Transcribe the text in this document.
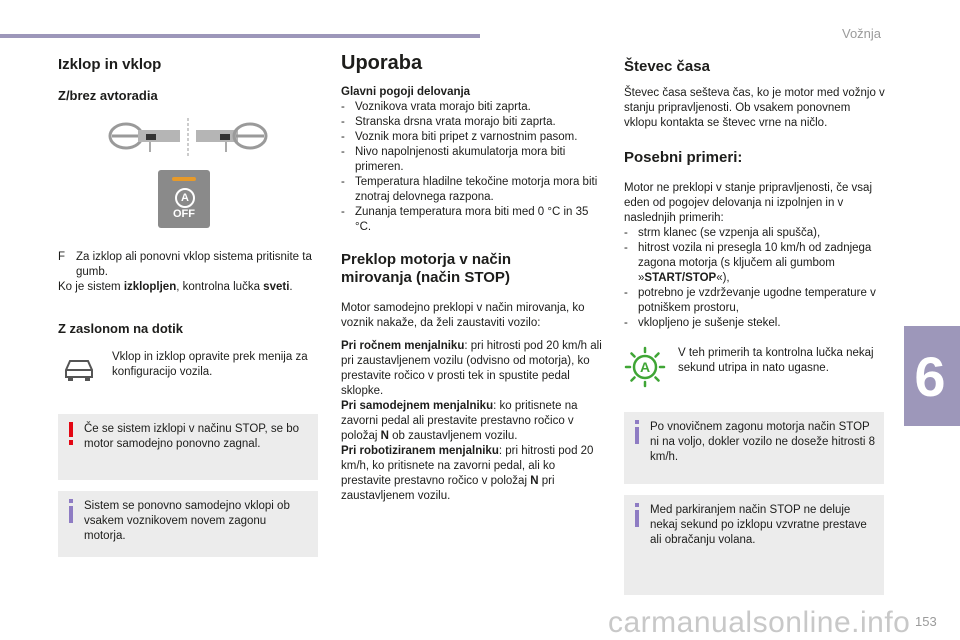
Vožnja
6
153
carmanualsonline.info
Izklop in vklop
Z/brez avtoradia
A
OFF
F Za izklop ali ponovni vklop sistema pritisnite ta gumb.

Ko je sistem izklopljen, kontrolna lučka sveti.

Z zaslonom na dotik
Vklop in izklop opravite prek menija za konfiguracijo vozila.
Če se sistem izklopi v načinu STOP, se bo motor samodejno ponovno zagnal.
Sistem se ponovno samodejno vklopi ob vsakem voznikovem novem zagonu motorja.
Uporaba

Glavni pogoji delovanja

- Voznikova vrata morajo biti zaprta.
- Stranska drsna vrata morajo biti zaprta.
- Voznik mora biti pripet z varnostnim pasom.
- Nivo napolnjenosti akumulatorja mora biti primeren.
- Temperatura hladilne tekočine motorja mora biti znotraj delovnega razpona.
- Zunanja temperatura mora biti med 0 °C in 35 °C.
Preklop motorja v način mirovanja (način STOP)

Motor samodejno preklopi v način mirovanja, ko voznik nakaže, da želi zaustaviti vozilo:

Pri ročnem menjalniku: pri hitrosti pod 20 km/h ali pri zaustavljenem vozilu (odvisno od motorja), ko prestavite ročico v prosti tek in spustite pedal sklopke.

Pri samodejnem menjalniku: ko pritisnete na zavorni pedal ali prestavite prestavno ročico v položaj N ob zaustavljenem vozilu.

Pri robotiziranem menjalniku: pri hitrosti pod 20 km/h, ko pritisnete na zavorni pedal, ali ko prestavite prestavno ročico v položaj N pri zaustavljenem vozilu.

Števec časa

Števec časa sešteva čas, ko je motor med vožnjo v stanju pripravljenosti. Ob vsakem ponovnem vklopu kontakta se števec vrne na ničlo.

Posebni primeri:

Motor ne preklopi v stanje pripravljenosti, če vsaj eden od pogojev delovanja ni izpolnjen in v naslednjih primerih:

- strm klanec (se vzpenja ali spušča),
- hitrost vozila ni presegla 10 km/h od zadnjega zagona motorja (s ključem ali gumbom »START/STOP«),
- potrebno je vzdrževanje ugodne temperature v potniškem prostoru,
- vklopljeno je sušenje stekel.
A
V teh primerih ta kontrolna lučka nekaj sekund utripa in nato ugasne.
Po vnovičnem zagonu motorja način STOP ni na voljo, dokler vozilo ne doseže hitrosti 8 km/h.
Med parkiranjem način STOP ne deluje nekaj sekund po izklopu vzvratne prestave ali obračanju volana.
